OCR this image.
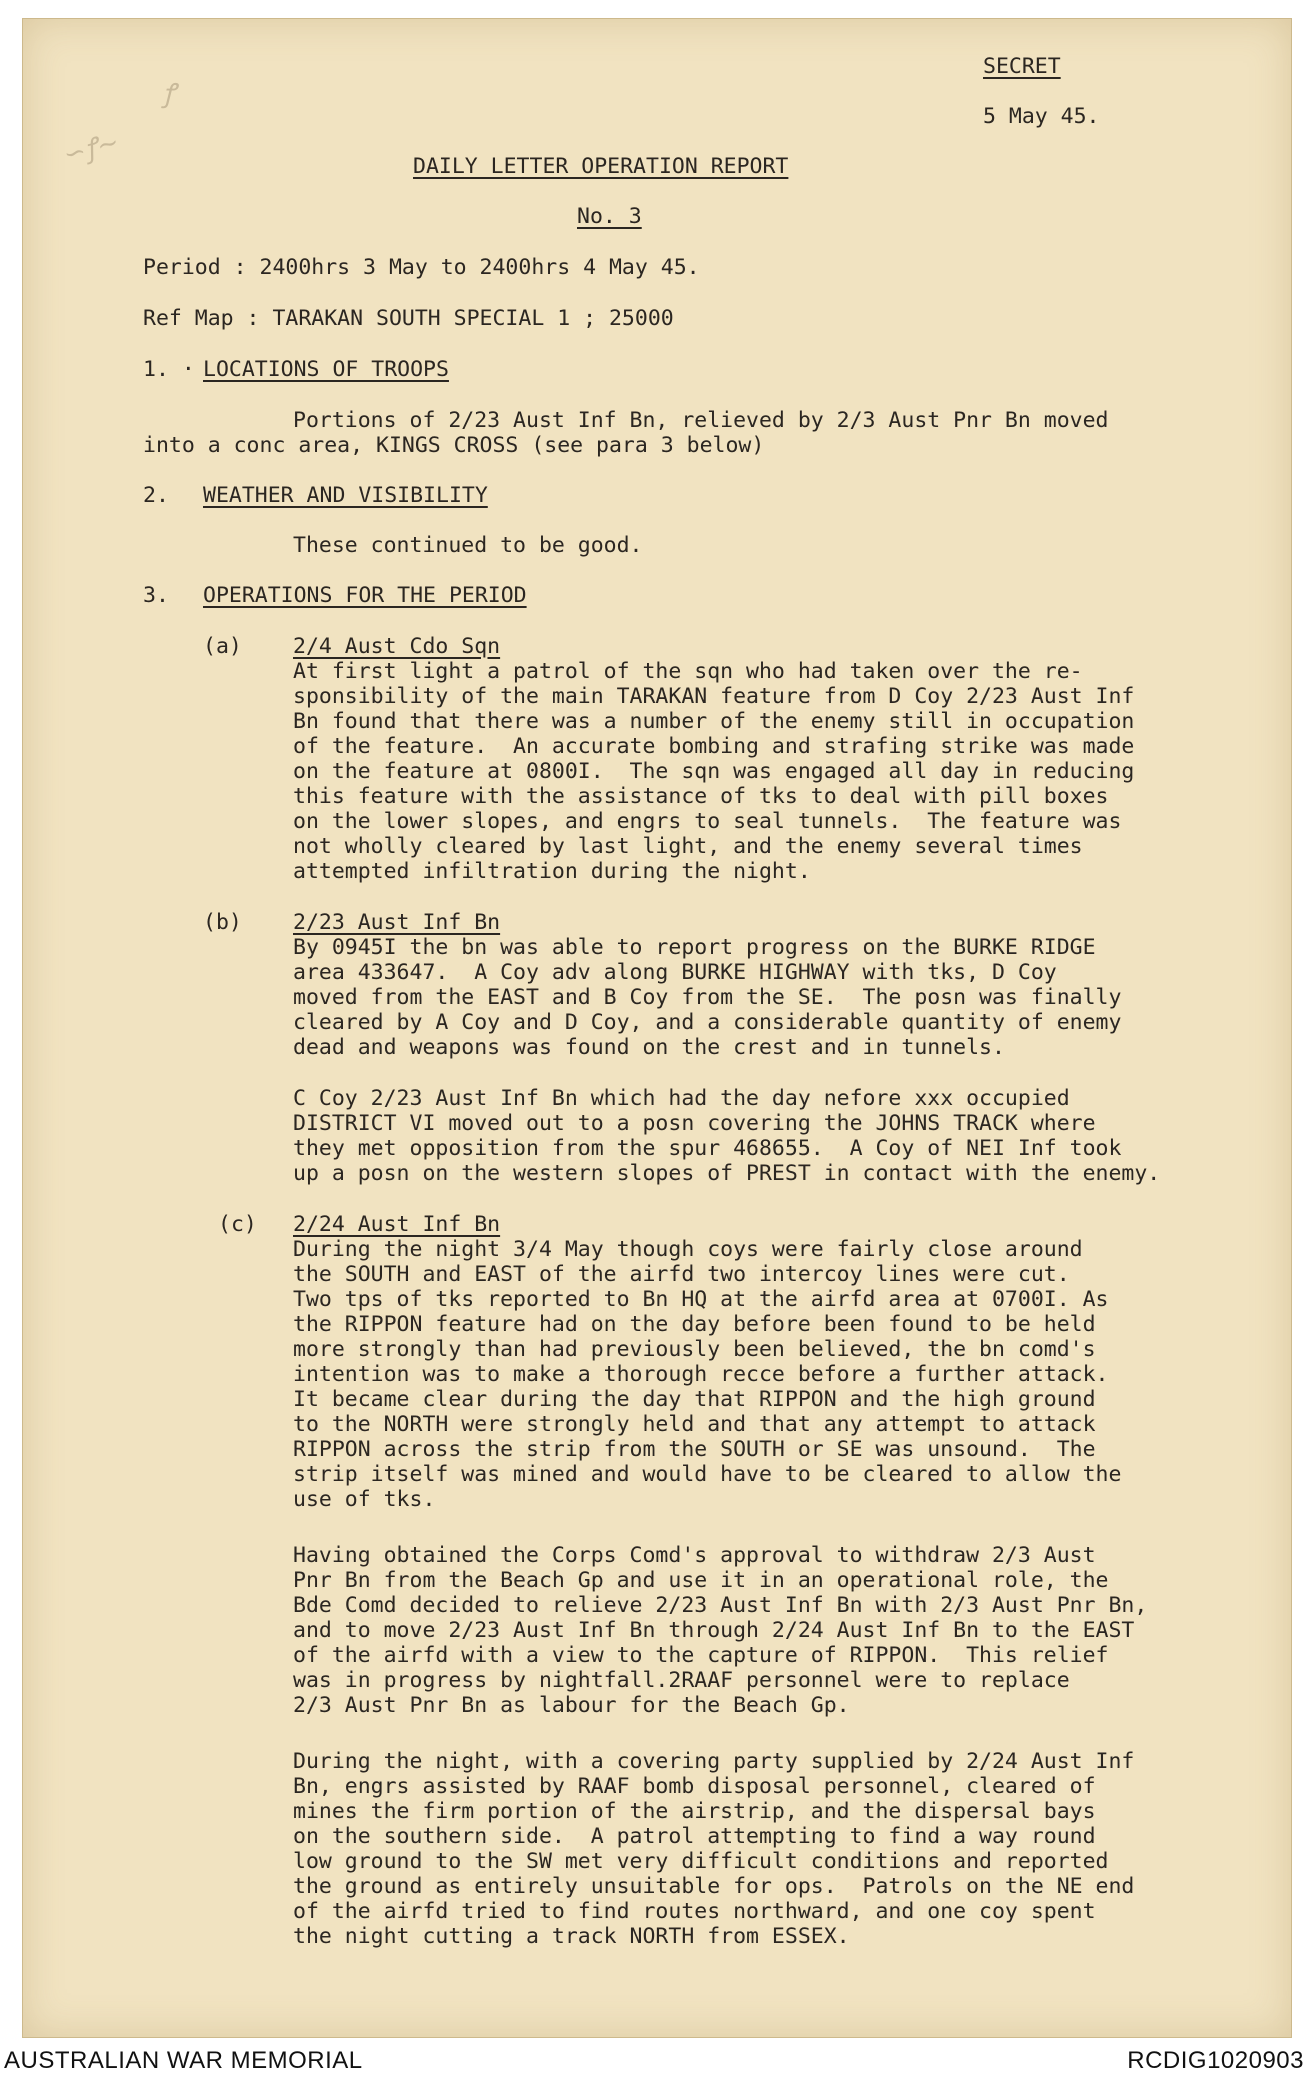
ꝭ
∽ꝭ∼
SECRET
5 May 45.
DAILY LETTER OPERATION REPORT
No. 3
Period : 2400hrs 3 May to 2400hrs 4 May 45.
Ref Map : TARAKAN SOUTH SPECIAL 1 ; 25000
1. · LOCATIONS OF TROOPS
Portions of 2/23 Aust Inf Bn, relieved by 2/3 Aust Pnr Bn moved
into a conc area, KINGS CROSS (see para 3 below)
2. WEATHER AND VISIBILITY
These continued to be good.
3. OPERATIONS FOR THE PERIOD
(a) 2/4 Aust Cdo Sqn
At first light a patrol of the sqn who had taken over the re-
sponsibility of the main TARAKAN feature from D Coy 2/23 Aust Inf
Bn found that there was a number of the enemy still in occupation
of the feature.  An accurate bombing and strafing strike was made
on the feature at 0800I.  The sqn was engaged all day in reducing
this feature with the assistance of tks to deal with pill boxes
on the lower slopes, and engrs to seal tunnels.  The feature was
not wholly cleared by last light, and the enemy several times
attempted infiltration during the night.
(b) 2/23 Aust Inf Bn
By 0945I the bn was able to report progress on the BURKE RIDGE
area 433647.  A Coy adv along BURKE HIGHWAY with tks, D Coy
moved from the EAST and B Coy from the SE.  The posn was finally
cleared by A Coy and D Coy, and a considerable quantity of enemy
dead and weapons was found on the crest and in tunnels.
C Coy 2/23 Aust Inf Bn which had the day nefore xxx occupied
DISTRICT VI moved out to a posn covering the JOHNS TRACK where
they met opposition from the spur 468655.  A Coy of NEI Inf took
up a posn on the western slopes of PREST in contact with the enemy.
(c) 2/24 Aust Inf Bn
During the night 3/4 May though coys were fairly close around
the SOUTH and EAST of the airfd two intercoy lines were cut.
Two tps of tks reported to Bn HQ at the airfd area at 0700I. As
the RIPPON feature had on the day before been found to be held
more strongly than had previously been believed, the bn comd's
intention was to make a thorough recce before a further attack.
It became clear during the day that RIPPON and the high ground
to the NORTH were strongly held and that any attempt to attack
RIPPON across the strip from the SOUTH or SE was unsound.  The
strip itself was mined and would have to be cleared to allow the
use of tks.
Having obtained the Corps Comd's approval to withdraw 2/3 Aust
Pnr Bn from the Beach Gp and use it in an operational role, the
Bde Comd decided to relieve 2/23 Aust Inf Bn with 2/3 Aust Pnr Bn,
and to move 2/23 Aust Inf Bn through 2/24 Aust Inf Bn to the EAST
of the airfd with a view to the capture of RIPPON.  This relief
was in progress by nightfall.2RAAF personnel were to replace
2/3 Aust Pnr Bn as labour for the Beach Gp.
During the night, with a covering party supplied by 2/24 Aust Inf
Bn, engrs assisted by RAAF bomb disposal personnel, cleared of
mines the firm portion of the airstrip, and the dispersal bays
on the southern side.  A patrol attempting to find a way round
low ground to the SW met very difficult conditions and reported
the ground as entirely unsuitable for ops.  Patrols on the NE end
of the airfd tried to find routes northward, and one coy spent
the night cutting a track NORTH from ESSEX.
AUSTRALIAN WAR MEMORIAL	RCDIG1020903
